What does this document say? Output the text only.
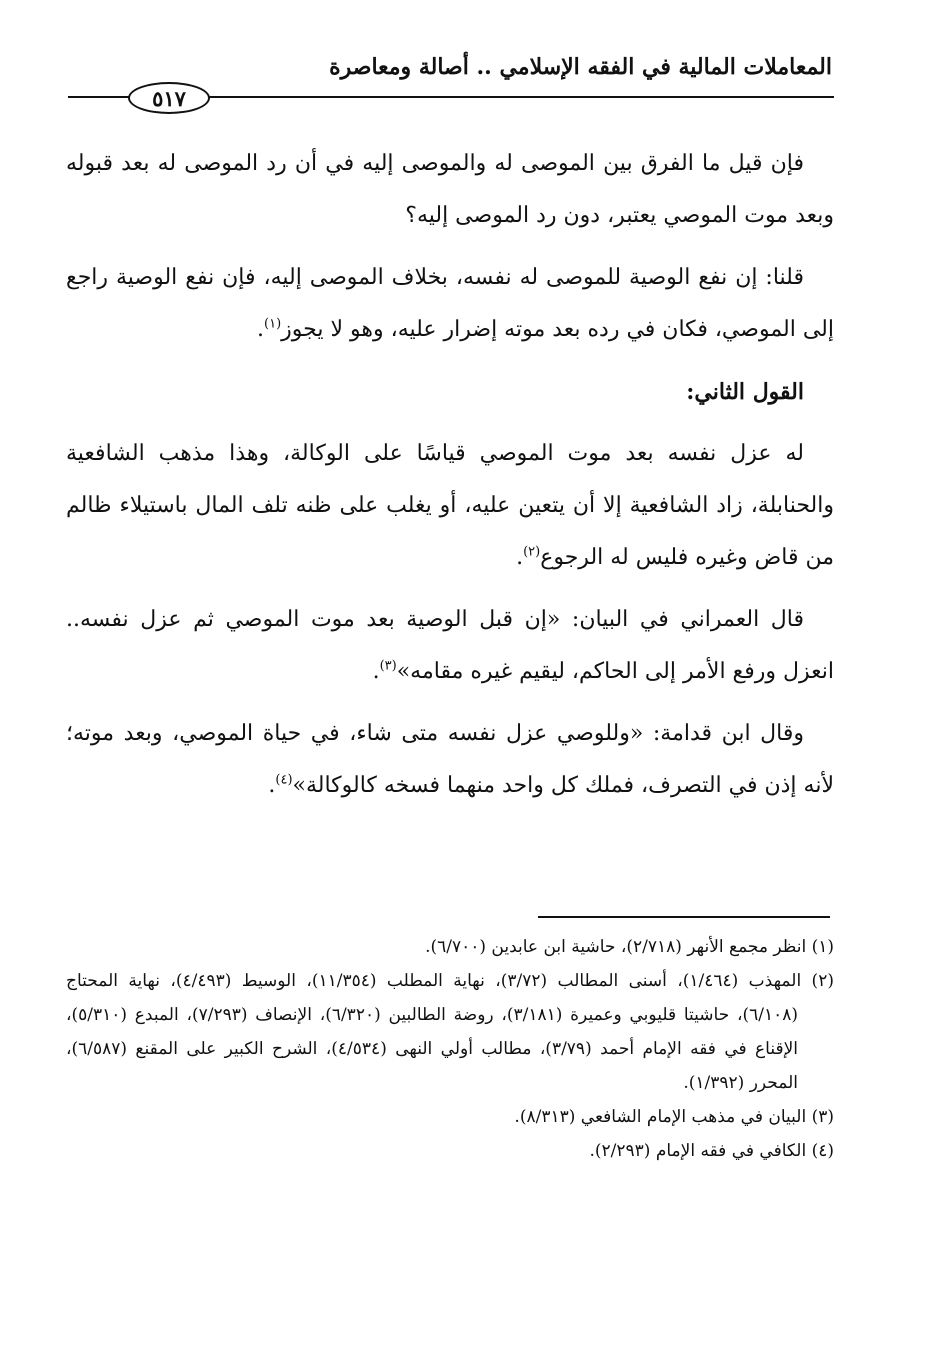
المعاملات المالية في الفقه الإسلامي .. أصالة ومعاصرة
٥١٧

فإن قيل ما الفرق بين الموصى له والموصى إليه في أن رد الموصى له بعد قبوله وبعد موت الموصي يعتبر، دون رد الموصى إليه؟

قلنا: إن نفع الوصية للموصى له نفسه، بخلاف الموصى إليه، فإن نفع الوصية راجع إلى الموصي، فكان في رده بعد موته إضرار عليه، وهو لا يجوز$^{(١)}$.

القول الثاني:

له عزل نفسه بعد موت الموصي قياسًا على الوكالة، وهذا مذهب الشافعية والحنابلة، زاد الشافعية إلا أن يتعين عليه، أو يغلب على ظنه تلف المال باستيلاء ظالم من قاض وغيره فليس له الرجوع$^{(٢)}$.

قال العمراني في البيان: «إن قبل الوصية بعد موت الموصي ثم عزل نفسه.. انعزل ورفع الأمر إلى الحاكم، ليقيم غيره مقامه»$^{(٣)}$.

وقال ابن قدامة: «وللوصي عزل نفسه متى شاء، في حياة الموصي، وبعد موته؛ لأنه إذن في التصرف، فملك كل واحد منهما فسخه كالوكالة»$^{(٤)}$.

(١) انظر مجمع الأنهر (٢/٧١٨)، حاشية ابن عابدين (٦/٧٠٠).

(٢) المهذب (١/٤٦٤)، أسنى المطالب (٣/٧٢)، نهاية المطلب (١١/٣٥٤)، الوسيط (٤/٤٩٣)، نهاية المحتاج (٦/١٠٨)، حاشيتا قليوبي وعميرة (٣/١٨١)، روضة الطالبين (٦/٣٢٠)، الإنصاف (٧/٢٩٣)، المبدع (٥/٣١٠)، الإقناع في فقه الإمام أحمد (٣/٧٩)، مطالب أولي النهى (٤/٥٣٤)، الشرح الكبير على المقنع (٦/٥٨٧)، المحرر (١/٣٩٢).

(٣) البيان في مذهب الإمام الشافعي (٨/٣١٣).

(٤) الكافي في فقه الإمام (٢/٢٩٣).
